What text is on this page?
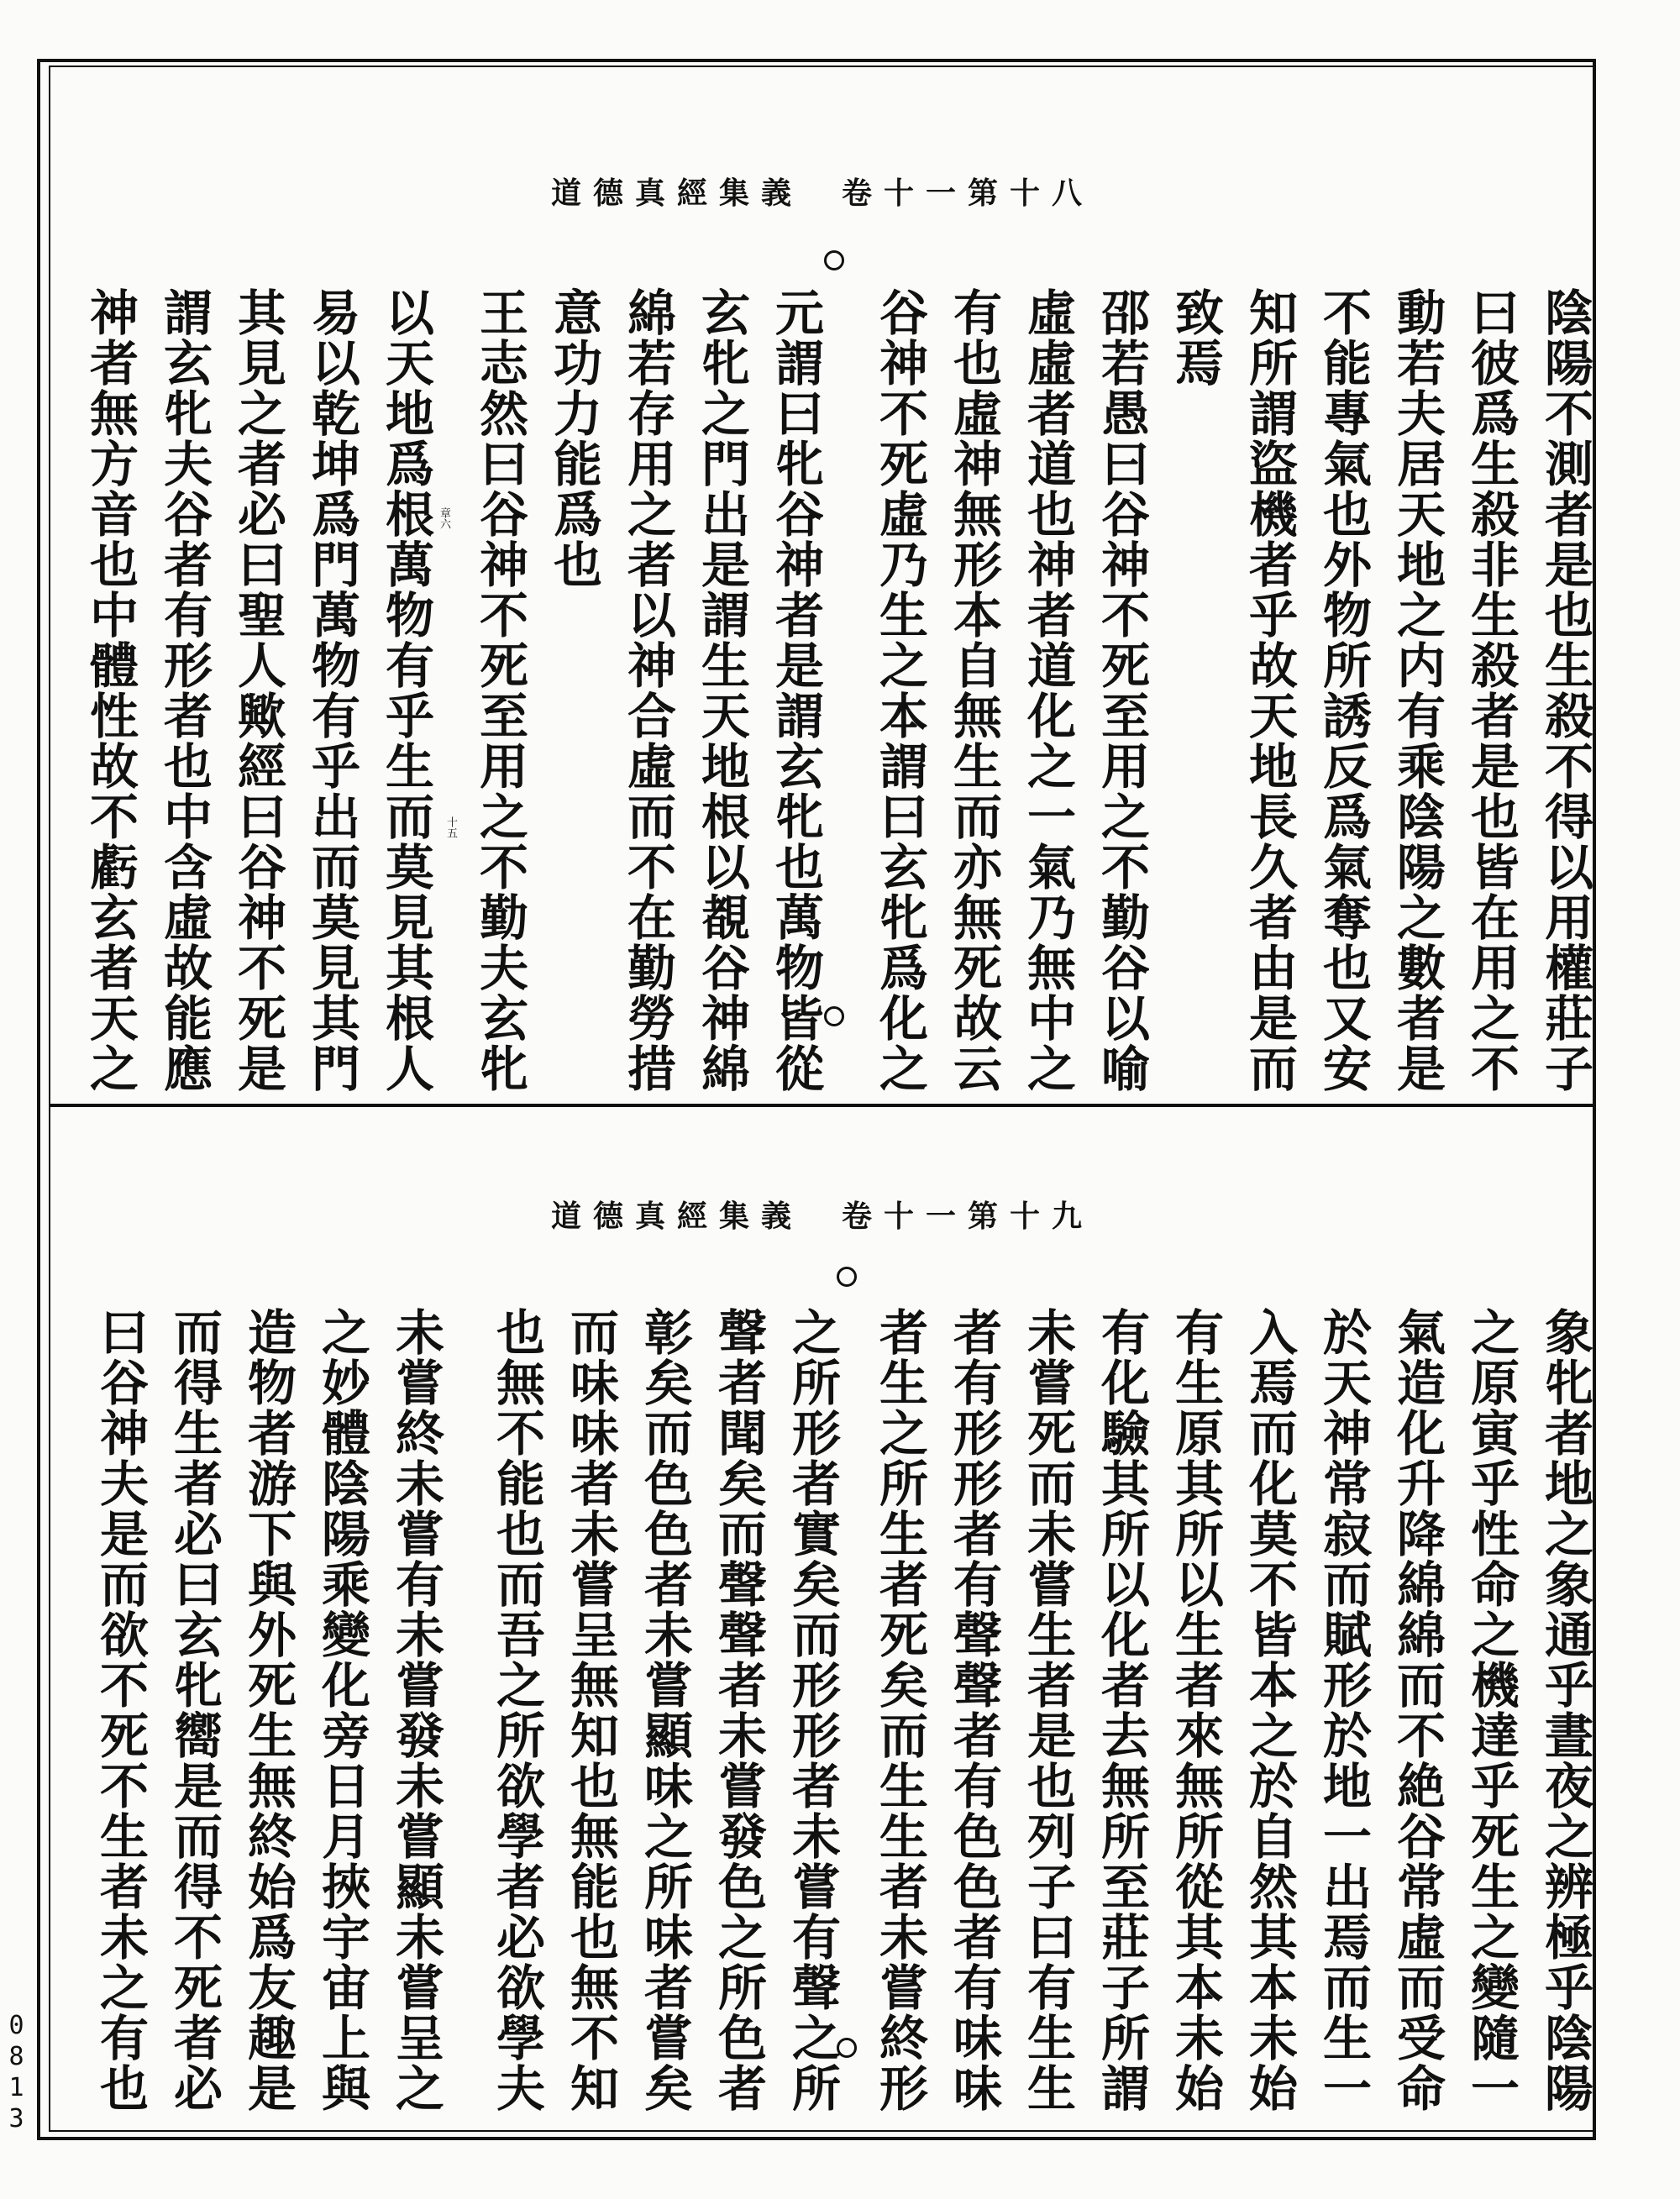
道德真經集義 卷十一第十八
十五
章六	陰陽不測者是也生殺不得以用權莊子
曰彼爲生殺非生殺者是也皆在用之不
動若夫居天地之内有乘陰陽之數者是
不能專氣也外物所誘反爲氣奪也又安
知所謂盜機者乎故天地長久者由是而
致焉
邵若愚曰谷神不死至用之不勤谷以喻
虛虛者道也神者道化之一氣乃無中之
有也虛神無形本自無生而亦無死故云
谷神不死虛乃生之本謂曰玄牝爲化之
元謂曰牝谷神者是謂玄牝也萬物皆從
玄牝之門出是謂生天地根以覩谷神綿
綿若存用之者以神合虛而不在勤勞措
意功力能爲也
王志然曰谷神不死至用之不勤夫玄牝
以天地爲根萬物有乎生而莫見其根人
易以乾坤爲門萬物有乎出而莫見其門
其見之者必曰聖人歟經曰谷神不死是
謂玄牝夫谷者有形者也中含虛故能應
神者無方音也中體性故不虧玄者天之
道德真經集義 卷十一第十九
象牝者地之象通乎晝夜之辨極乎陰陽
之原寅乎性命之機達乎死生之變隨一
氣造化升降綿綿而不絶谷常虛而受命
於天神常寂而賦形於地一出焉而生一
入焉而化莫不皆本之於自然其本未始
有生原其所以生者來無所從其本未始
有化驗其所以化者去無所至莊子所謂
未嘗死而未嘗生者是也列子曰有生生
者有形形者有聲聲者有色色者有味味
者生之所生者死矣而生生者未嘗終形
之所形者實矣而形形者未嘗有聲之所
聲者聞矣而聲聲者未嘗發色之所色者
彰矣而色色者未嘗顯味之所味者嘗矣
而味味者未嘗呈無知也無能也無不知
也無不能也而吾之所欲學者必欲學夫
未嘗終未嘗有未嘗發未嘗顯未嘗呈之
之妙體陰陽乘變化旁日月挾宇宙上與
造物者游下與外死生無終始爲友趣是
而得生者必曰玄牝嚮是而得不死者必
曰谷神夫是而欲不死不生者未之有也
0813
